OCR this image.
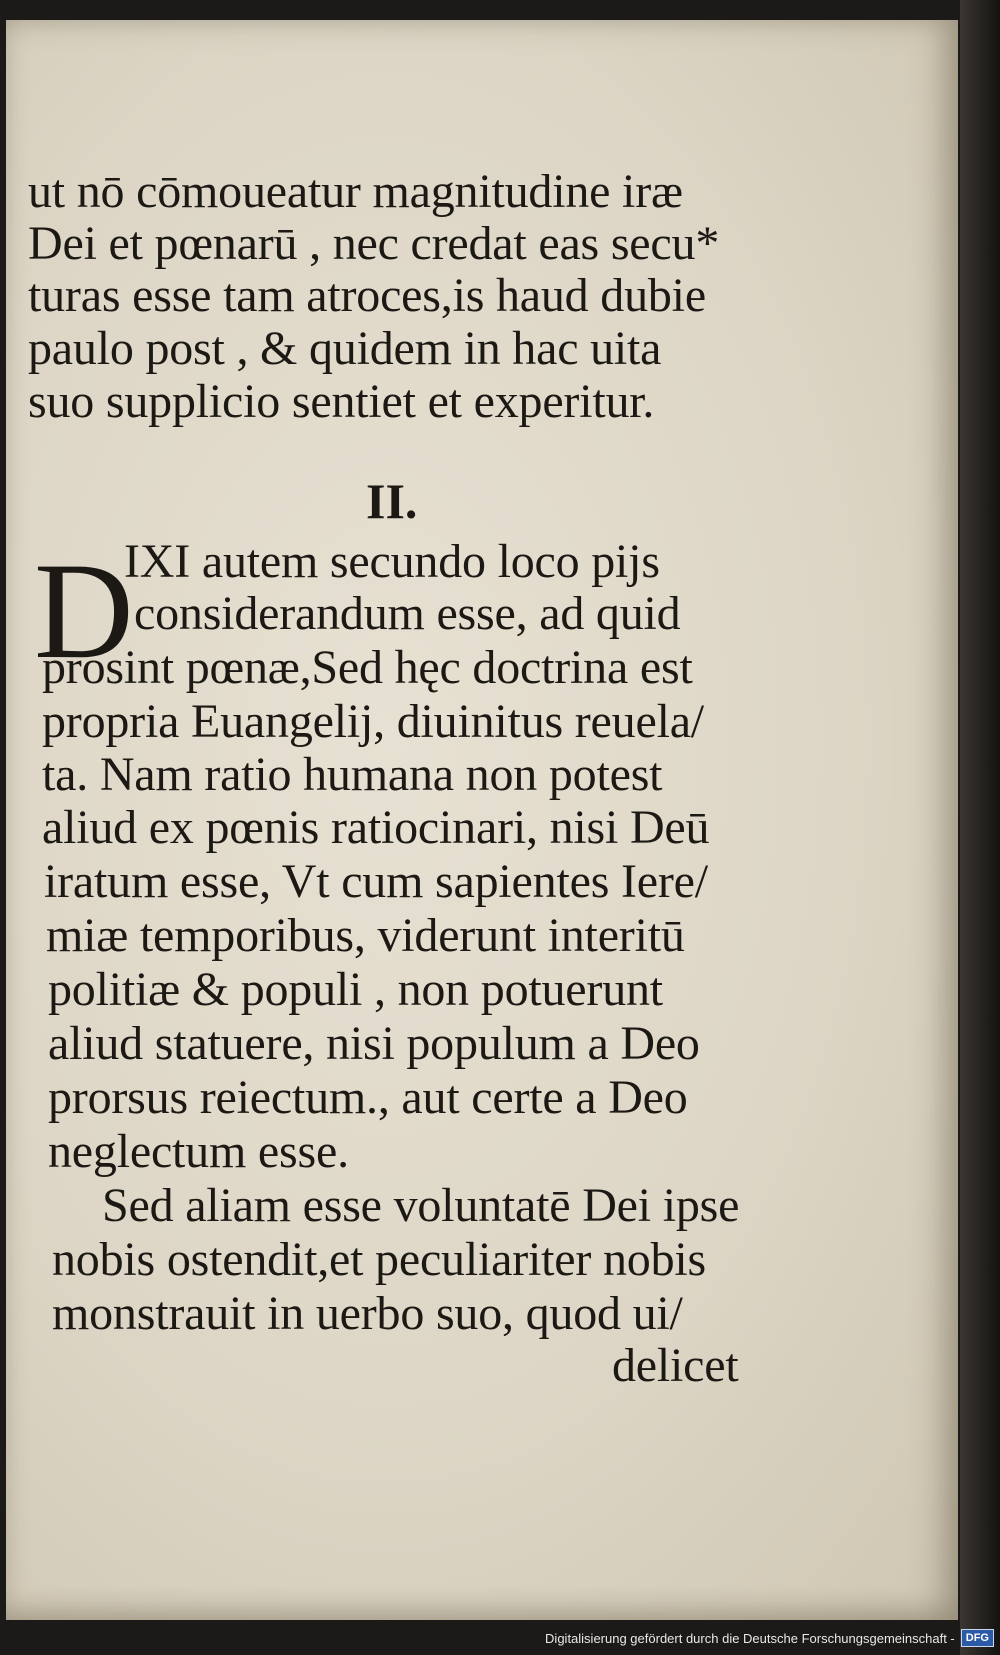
ut nō cōmoueatur magnitudine iræ

Dei et pœnarū , nec credat eas secu*

turas esse tam atroces,is haud dubie

paulo post , & quidem in hac uita

suo supplicio sentiet et experitur.

II.

D

IXI autem secundo loco pijs

considerandum esse, ad quid

prosint pœnæ,Sed hęc doctrina est

propria Euangelij, diuinitus reuela/

ta. Nam ratio humana non potest

aliud ex pœnis ratiocinari, nisi Deū

iratum esse, Vt cum sapientes Iere/

miæ temporibus, viderunt interitū

politiæ & populi , non potuerunt

aliud statuere, nisi populum a Deo

prorsus reiectum., aut certe a Deo

neglectum esse.

Sed aliam esse voluntatē Dei ipse

nobis ostendit,et peculiariter nobis

monstrauit in uerbo suo, quod ui/

delicet

Digitalisierung gefördert durch die Deutsche Forschungsgemeinschaft -	DFG
